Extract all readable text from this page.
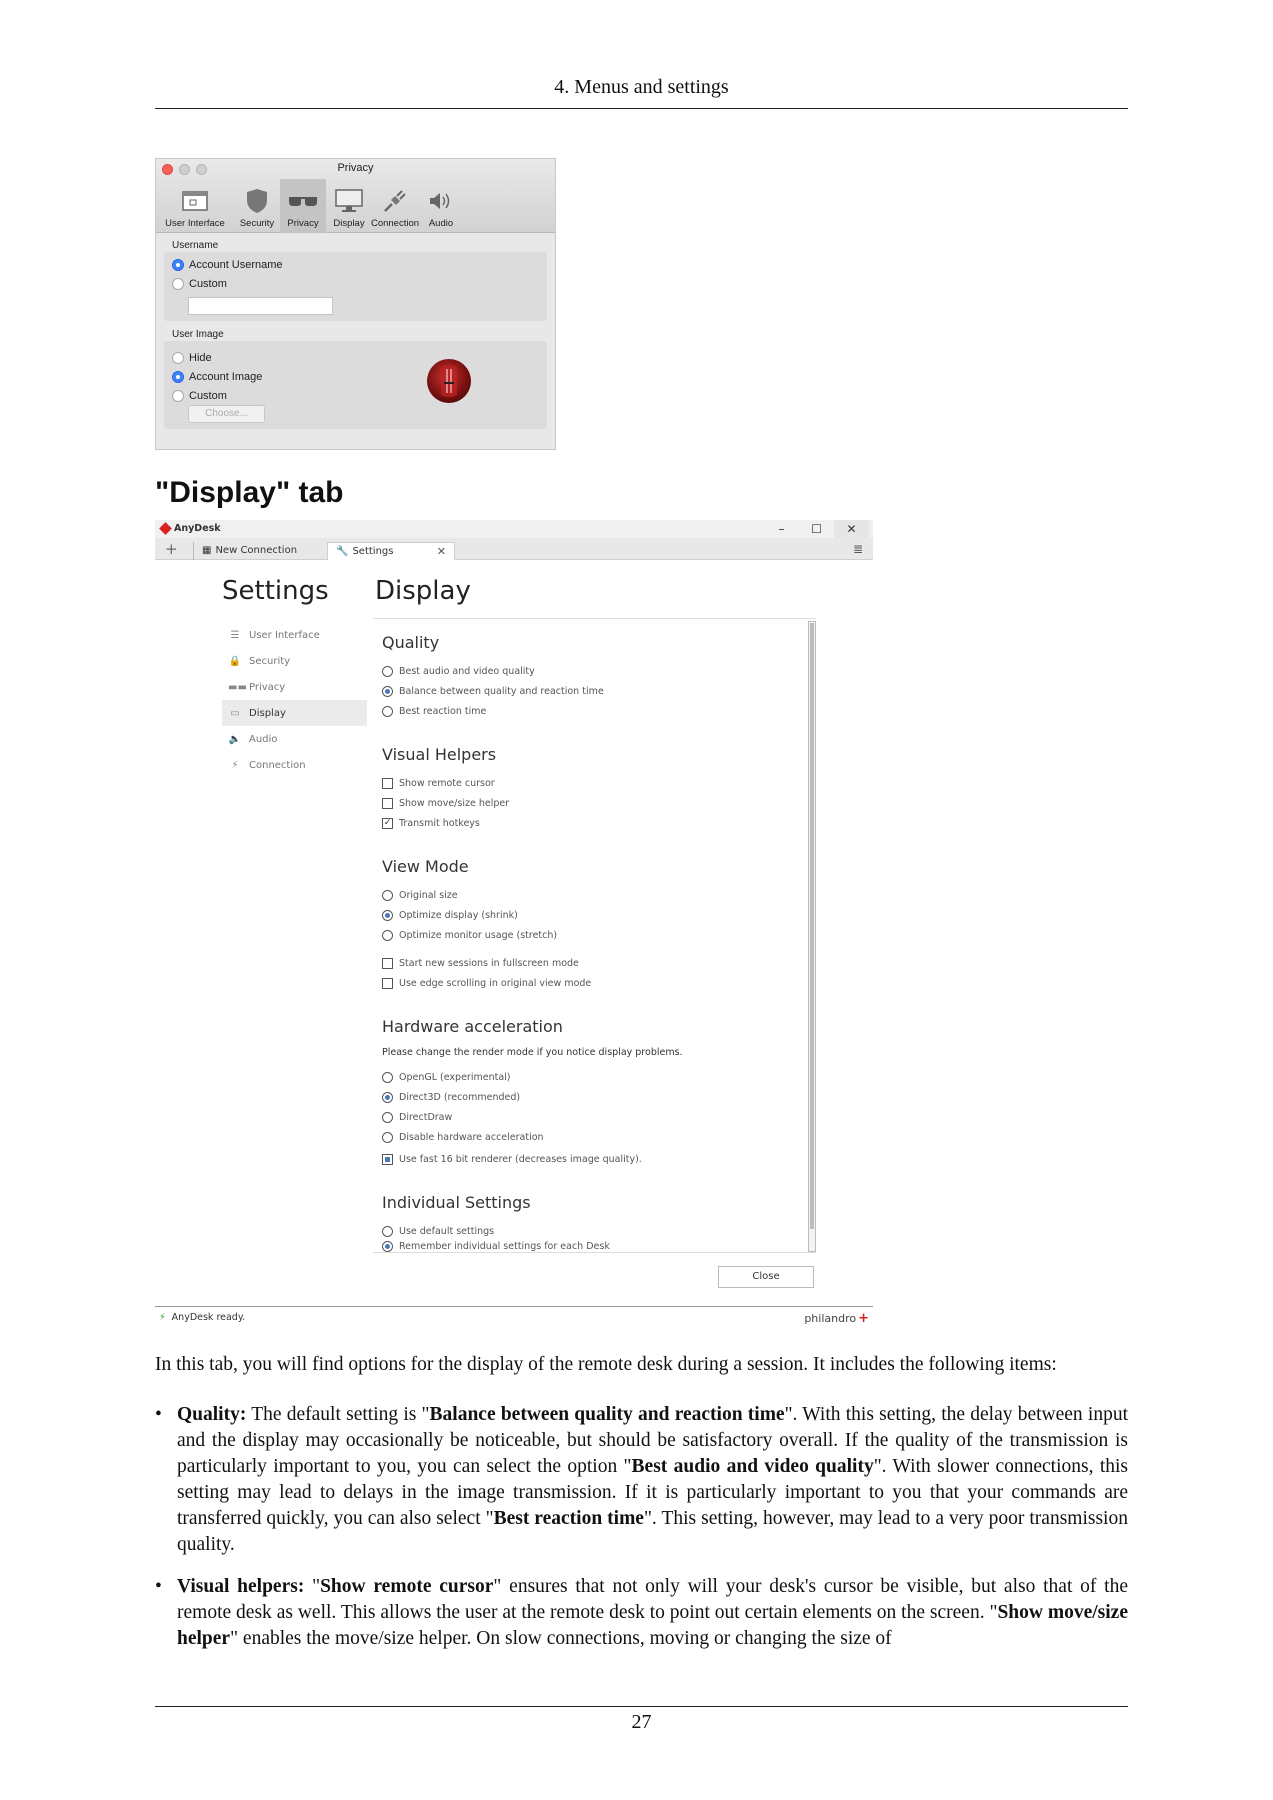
4. Menus and settings
Privacy
User Interface Security Privacy Display Connection Audio
Username
Account Username
Custom
User Image
Hide
Account Image
Custom
Choose...
"Display" tab
AnyDesk	–	☐	✕
+ ▦ New Connection	🔧 Settings	✕	≣
Settings
☰ User Interface
🔒 Security
▬▬ Privacy
▭ Display
🔈 Audio
⚡	Connection
Display
Quality
Best audio and video quality
Balance between quality and reaction time
Best reaction time
Visual Helpers
Show remote cursor
Show move/size helper
✓ Transmit hotkeys
View Mode
Original size
Optimize display (shrink)
Optimize monitor usage (stretch)
Start new sessions in fullscreen mode
Use edge scrolling in original view mode
Hardware acceleration
Please change the render mode if you notice display problems.
OpenGL (experimental)
Direct3D (recommended)
DirectDraw
Disable hardware acceleration
Use fast 16 bit renderer (decreases image quality).
Individual Settings
Use default settings
Remember individual settings for each Desk
Close
⚡ AnyDesk ready.	philandro +

In this tab, you will find options for the display of the remote desk during a session. It includes the following items:

• Quality: The default setting is "Balance between quality and reaction time". With this setting, the delay between input and the display may occasionally be noticeable, but should be satisfactory overall. If the quality of the transmission is particularly important to you, you can select the option "Best audio and video quality". With slower connections, this setting may lead to delays in the image transmission. If it is particularly important to you that your commands are transferred quickly, you can also select "Best reaction time". This setting, however, may lead to a very poor transmission quality.

• Visual helpers: "Show remote cursor" ensures that not only will your desk's cursor be visible, but also that of the remote desk as well. This allows the user at the remote desk to point out certain elements on the screen. "Show move/size helper" enables the move/size helper. On slow connections, moving or changing the size of

27
